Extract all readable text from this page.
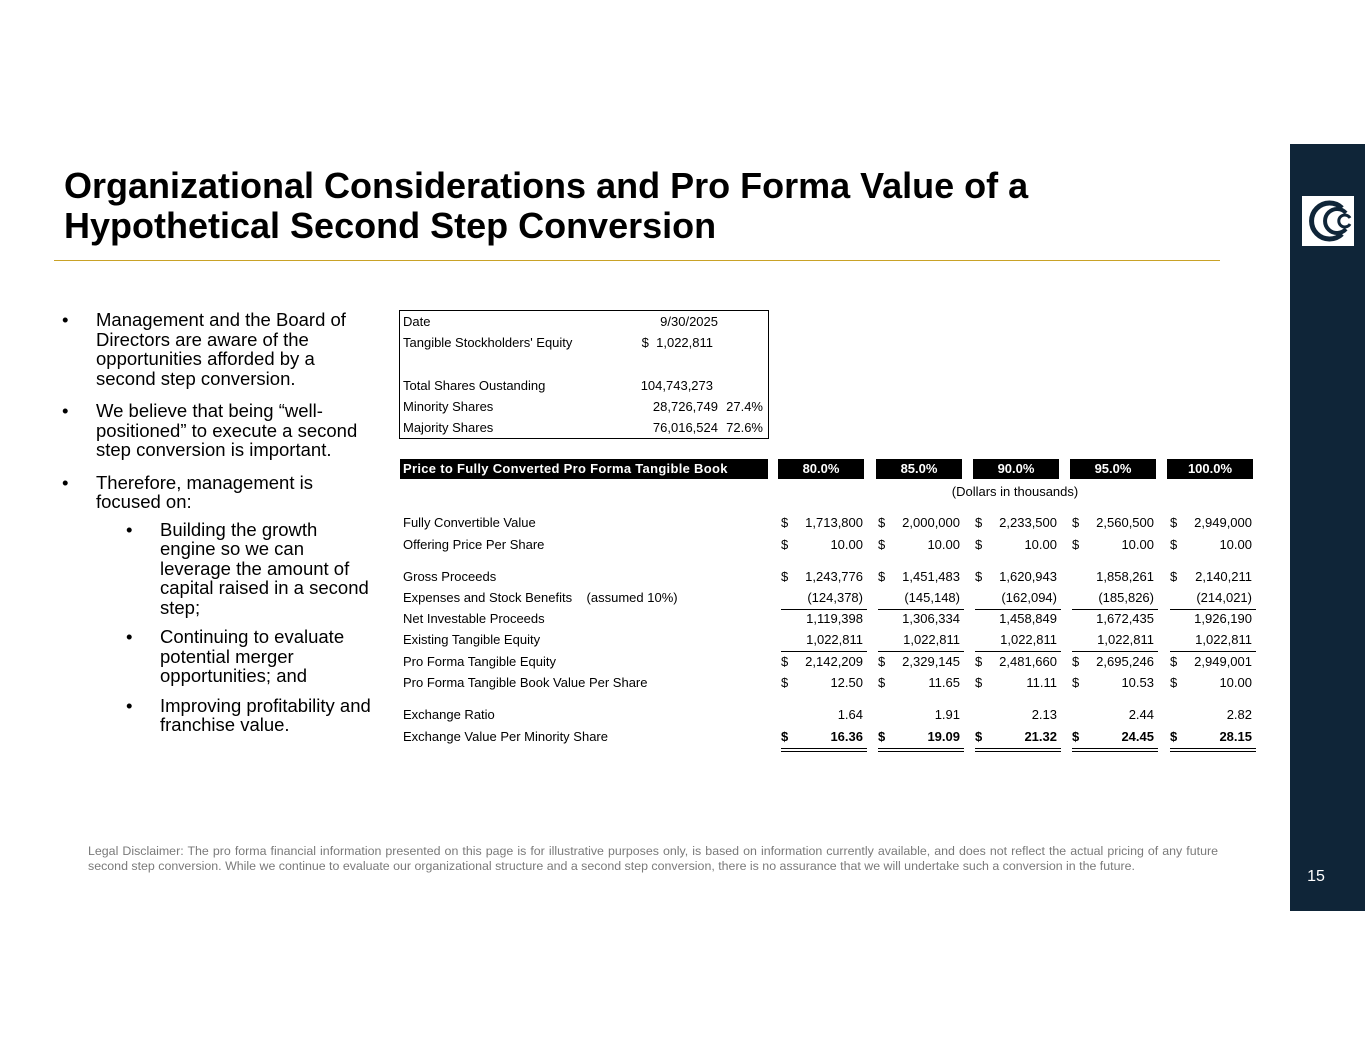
Organizational Considerations and Pro Forma Value of a Hypothetical Second Step Conversion
15
• Management and the Board of Directors are aware of the opportunities afforded by a second step conversion.
• We believe that being “well-positioned” to execute a second step conversion is important.
• Therefore, management is focused on:
• Building the growth engine so we can leverage the amount of capital raised in a second step;
• Continuing to evaluate potential merger opportunities; and
• Improving profitability and franchise value.
Date	9/30/2025
Tangible Stockholders' Equity	$  1,022,811
Total Shares Oustanding	104,743,273
Minority Shares	28,726,749 27.4%
Majority Shares	76,016,524 72.6%
Price to Fully Converted Pro Forma Tangible Book	80.0%	85.0%	90.0%	95.0%	100.0%
(Dollars in thousands)
Fully Convertible Value	$ 1,713,800 $ 2,000,000 $ 2,233,500 $ 2,560,500 $ 2,949,000
Offering Price Per Share	$	10.00 $	10.00 $	10.00 $	10.00 $	10.00
Gross Proceeds	$ 1,243,776 $ 1,451,483 $ 1,620,943	1,858,261 $ 2,140,211
Expenses and Stock Benefits    (assumed 10%)	(124,378)	(145,148)	(162,094)	(185,826)	(214,021)
Net Investable Proceeds	1,119,398	1,306,334	1,458,849	1,672,435	1,926,190
Existing Tangible Equity	1,022,811	1,022,811	1,022,811	1,022,811	1,022,811
Pro Forma Tangible Equity	$ 2,142,209 $ 2,329,145 $ 2,481,660 $ 2,695,246 $ 2,949,001
Pro Forma Tangible Book Value Per Share	$	12.50 $	11.65 $	11.11 $	10.53 $	10.00
Exchange Ratio	1.64	1.91	2.13	2.44	2.82
Exchange Value Per Minority Share	$	16.36 $	19.09 $	21.32 $	24.45 $	28.15
Legal Disclaimer: The pro forma financial information presented on this page is for illustrative purposes only, is based on information currently available, and does not reflect the actual pricing of any future second step conversion. While we continue to evaluate our organizational structure and a second step conversion, there is no assurance that we will undertake such a conversion in the future.
